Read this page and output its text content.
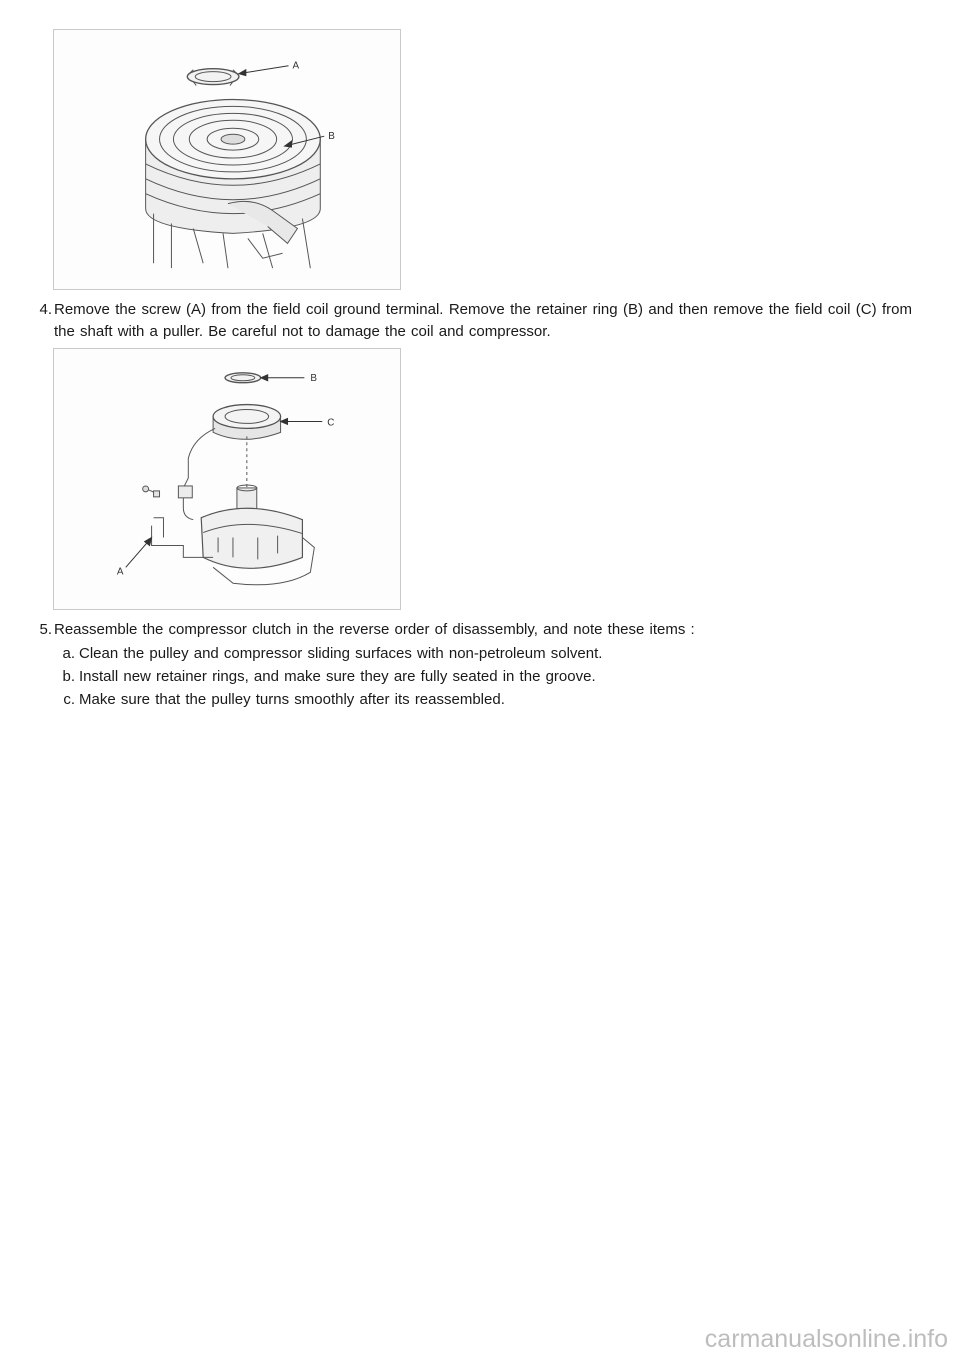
A
B
4. Remove the screw (A) from the field coil ground terminal. Remove the retainer ring (B) and then remove the field coil (C) from the shaft with a puller. Be careful not to damage the coil and compressor.
B
C
A
5. Reassemble the compressor clutch in the reverse order of disassembly, and note these items :
a. Clean the pulley and compressor sliding surfaces with non-petroleum solvent.
b. Install new retainer rings, and make sure they are fully seated in the groove.
c. Make sure that the pulley turns smoothly after its reassembled.
carmanualsonline.info
